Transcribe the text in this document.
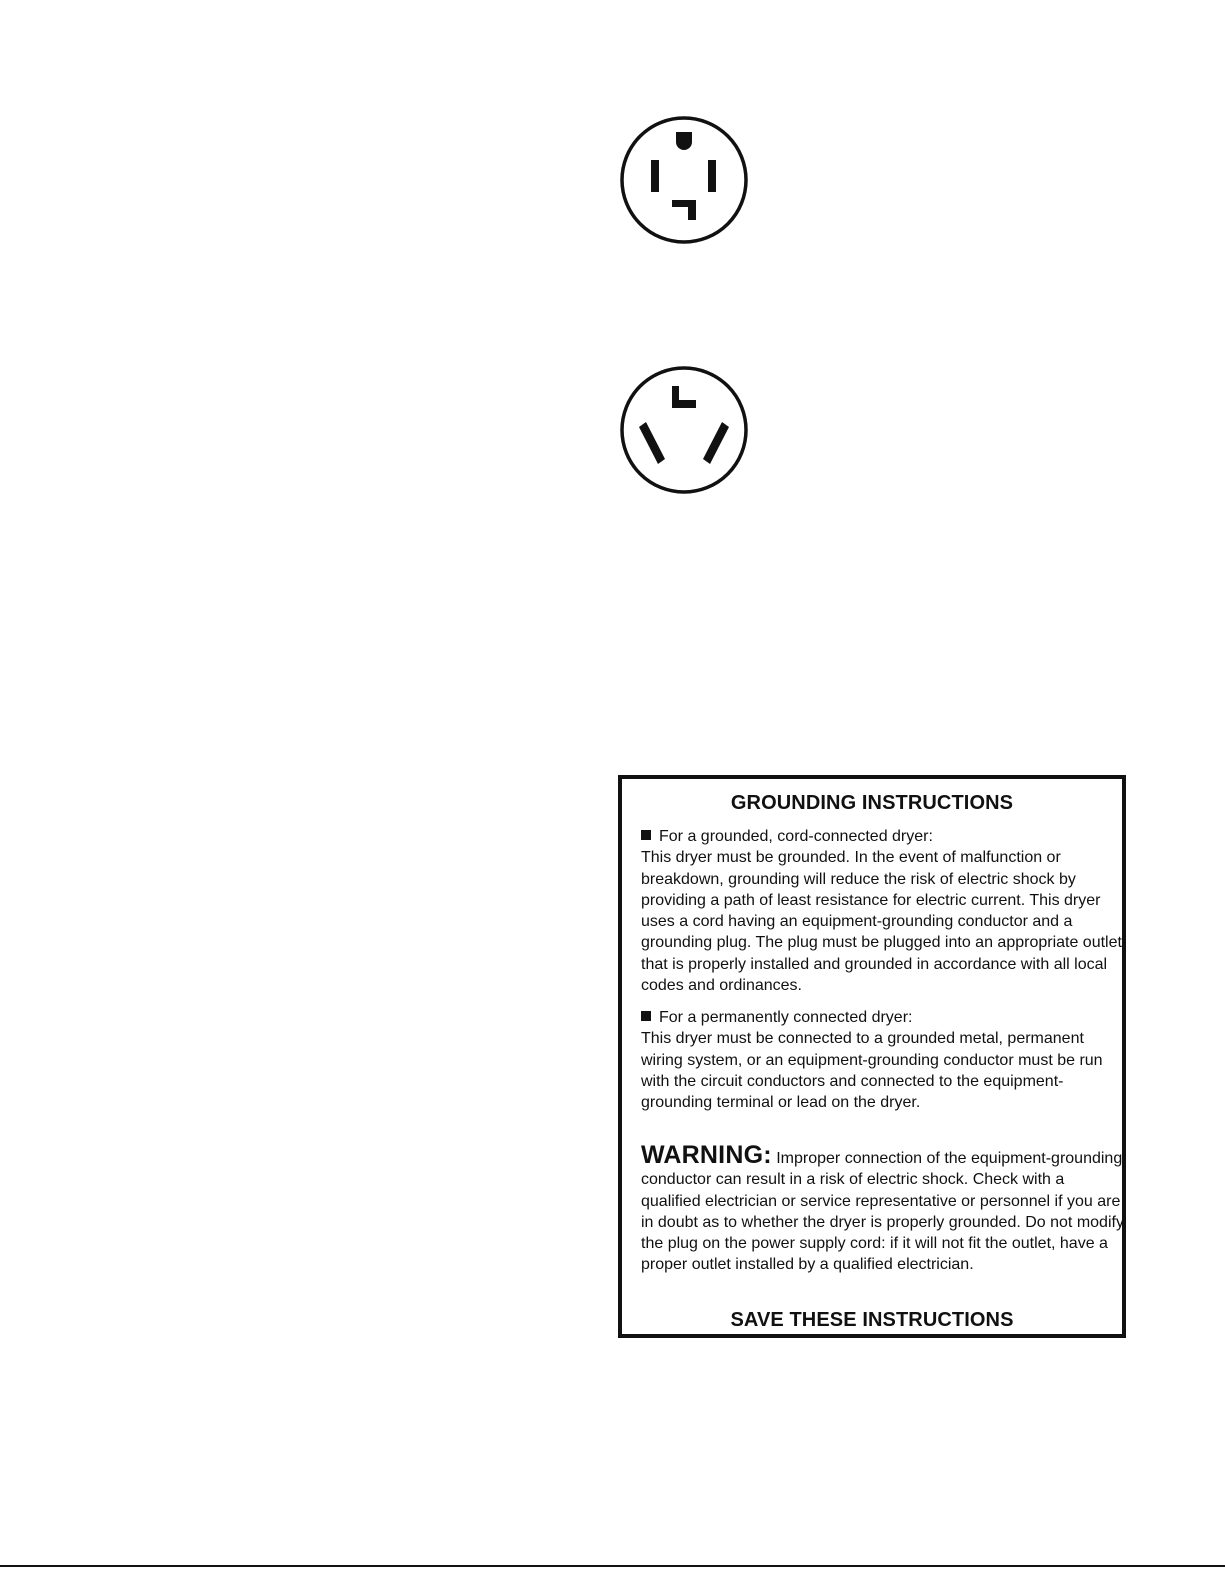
GROUNDING INSTRUCTIONS
For a grounded, cord-connected dryer:
This dryer must be grounded. In the event of malfunction or breakdown, grounding will reduce the risk of electric shock by providing a path of least resistance for electric current. This dryer uses a cord having an equipment-grounding conductor and a grounding plug. The plug must be plugged into an appropriate outlet that is properly installed and grounded in accordance with all local codes and ordinances.
For a permanently connected dryer:
This dryer must be connected to a grounded metal, permanent wiring system, or an equipment-grounding conductor must be run with the circuit conductors and connected to the equipment-grounding terminal or lead on the dryer.
WARNING: Improper connection of the equipment-grounding conductor can result in a risk of electric shock. Check with a qualified electrician or service representative or personnel if you are in doubt as to whether the dryer is properly grounded. Do not modify the plug on the power supply cord: if it will not fit the outlet, have a proper outlet installed by a qualified electrician.
SAVE THESE INSTRUCTIONS
